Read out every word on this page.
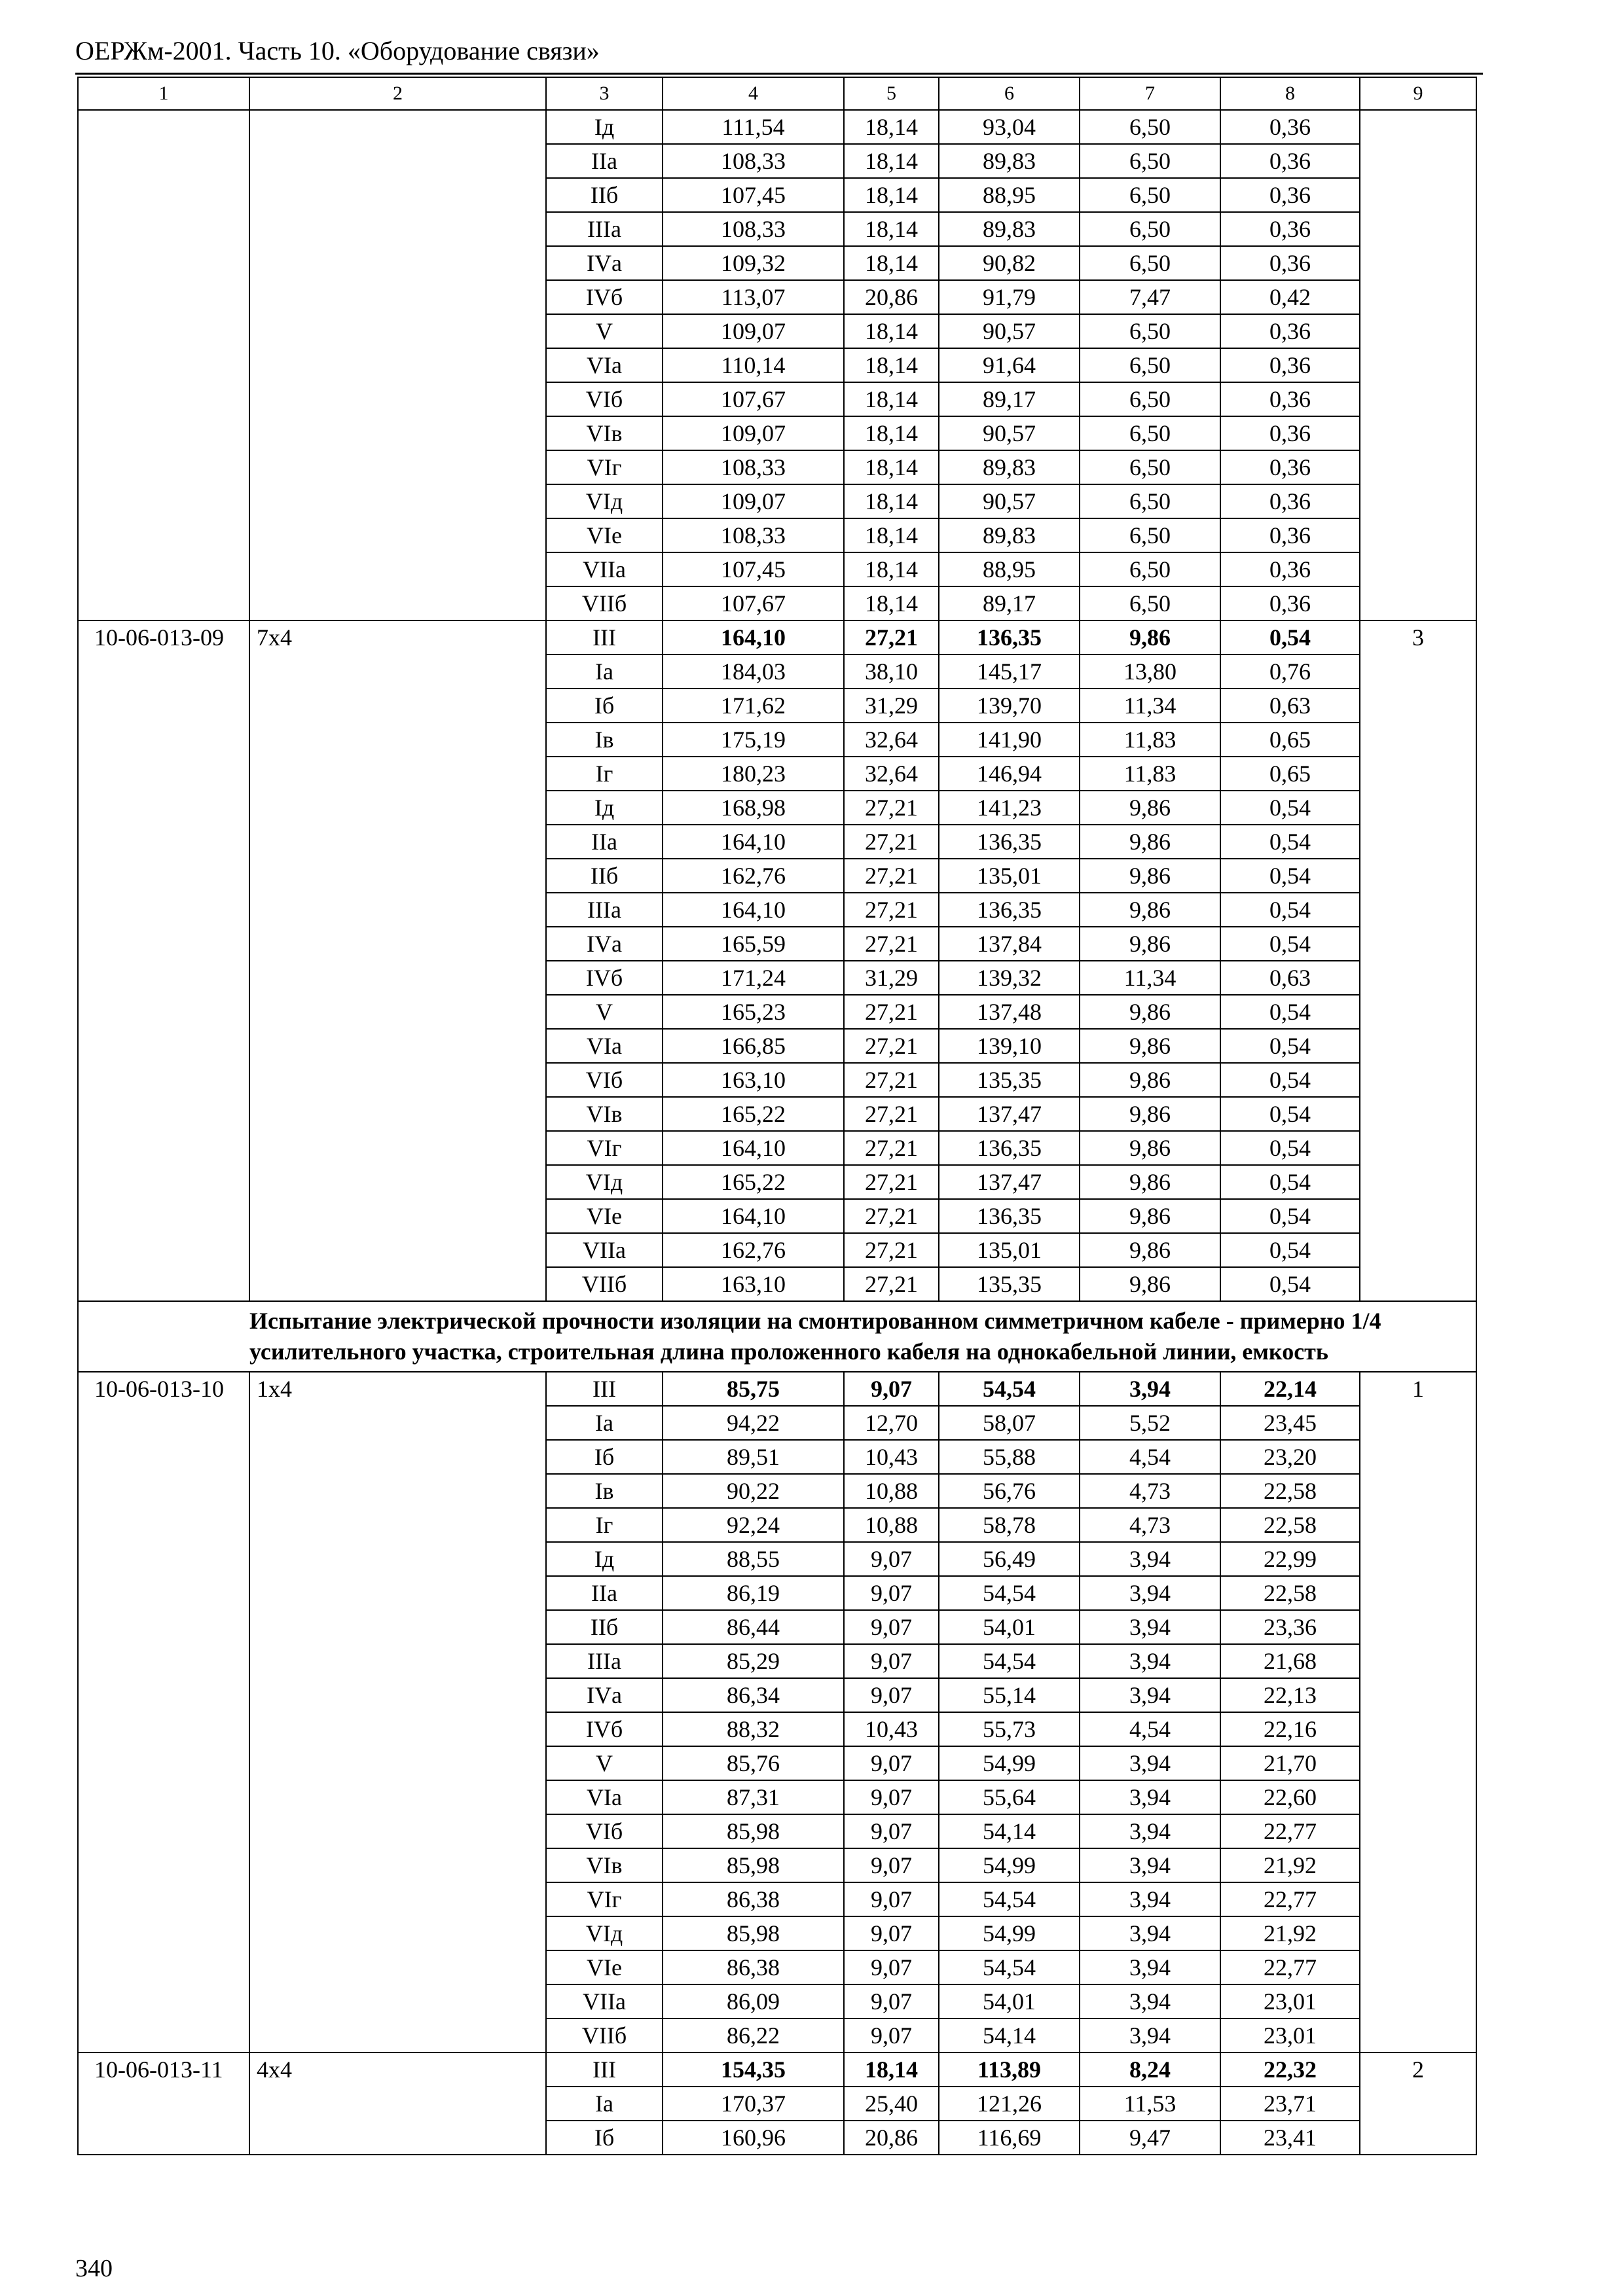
ОЕРЖм-2001. Часть 10. «Оборудование связи»
1	2	3	4	5	6	7	8	9
		Iд	111,54	18,14	93,04	6,50	0,36	
		IIа	108,33	18,14	89,83	6,50	0,36	
		IIб	107,45	18,14	88,95	6,50	0,36	
		IIIа	108,33	18,14	89,83	6,50	0,36	
		IVа	109,32	18,14	90,82	6,50	0,36	
		IVб	113,07	20,86	91,79	7,47	0,42	
		V	109,07	18,14	90,57	6,50	0,36	
		VIа	110,14	18,14	91,64	6,50	0,36	
		VIб	107,67	18,14	89,17	6,50	0,36	
		VIв	109,07	18,14	90,57	6,50	0,36	
		VIг	108,33	18,14	89,83	6,50	0,36	
		VIд	109,07	18,14	90,57	6,50	0,36	
		VIе	108,33	18,14	89,83	6,50	0,36	
		VIIа	107,45	18,14	88,95	6,50	0,36	
		VIIб	107,67	18,14	89,17	6,50	0,36	
10-06-013-09	7х4	III	164,10	27,21	136,35	9,86	0,54	3
		Iа	184,03	38,10	145,17	13,80	0,76	
		Iб	171,62	31,29	139,70	11,34	0,63	
		Iв	175,19	32,64	141,90	11,83	0,65	
		Iг	180,23	32,64	146,94	11,83	0,65	
		Iд	168,98	27,21	141,23	9,86	0,54	
		IIа	164,10	27,21	136,35	9,86	0,54	
		IIб	162,76	27,21	135,01	9,86	0,54	
		IIIа	164,10	27,21	136,35	9,86	0,54	
		IVа	165,59	27,21	137,84	9,86	0,54	
		IVб	171,24	31,29	139,32	11,34	0,63	
		V	165,23	27,21	137,48	9,86	0,54	
		VIа	166,85	27,21	139,10	9,86	0,54	
		VIб	163,10	27,21	135,35	9,86	0,54	
		VIв	165,22	27,21	137,47	9,86	0,54	
		VIг	164,10	27,21	136,35	9,86	0,54	
		VIд	165,22	27,21	137,47	9,86	0,54	
		VIе	164,10	27,21	136,35	9,86	0,54	
		VIIа	162,76	27,21	135,01	9,86	0,54	
		VIIб	163,10	27,21	135,35	9,86	0,54	
	Испытание электрической прочности изоляции на смонтированном симметричном кабеле - примерно 1/4 усилительного участка, строительная длина проложенного кабеля на однокабельной линии, емкость							
10-06-013-10	1х4	III	85,75	9,07	54,54	3,94	22,14	1
		Iа	94,22	12,70	58,07	5,52	23,45	
		Iб	89,51	10,43	55,88	4,54	23,20	
		Iв	90,22	10,88	56,76	4,73	22,58	
		Iг	92,24	10,88	58,78	4,73	22,58	
		Iд	88,55	9,07	56,49	3,94	22,99	
		IIа	86,19	9,07	54,54	3,94	22,58	
		IIб	86,44	9,07	54,01	3,94	23,36	
		IIIа	85,29	9,07	54,54	3,94	21,68	
		IVа	86,34	9,07	55,14	3,94	22,13	
		IVб	88,32	10,43	55,73	4,54	22,16	
		V	85,76	9,07	54,99	3,94	21,70	
		VIа	87,31	9,07	55,64	3,94	22,60	
		VIб	85,98	9,07	54,14	3,94	22,77	
		VIв	85,98	9,07	54,99	3,94	21,92	
		VIг	86,38	9,07	54,54	3,94	22,77	
		VIд	85,98	9,07	54,99	3,94	21,92	
		VIе	86,38	9,07	54,54	3,94	22,77	
		VIIа	86,09	9,07	54,01	3,94	23,01	
		VIIб	86,22	9,07	54,14	3,94	23,01	
10-06-013-11	4х4	III	154,35	18,14	113,89	8,24	22,32	2
		Iа	170,37	25,40	121,26	11,53	23,71	
		Iб	160,96	20,86	116,69	9,47	23,41	
340
